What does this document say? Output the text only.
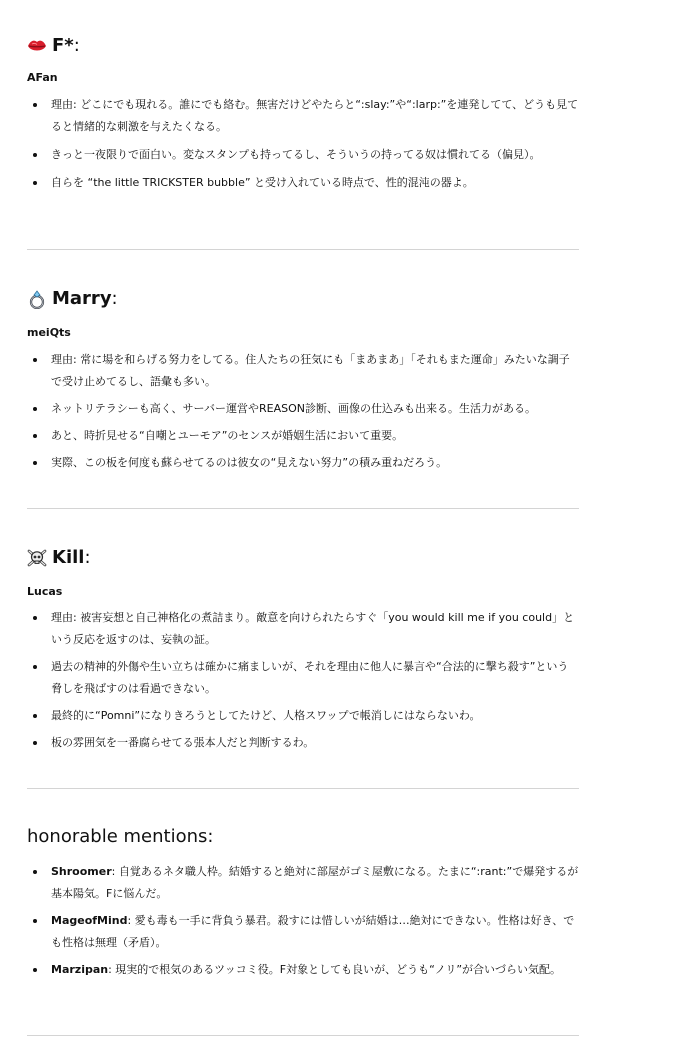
F* :

AFan

理由: どこにでも現れる。誰にでも絡む。無害だけどやたらと“:slay:”や“:larp:”を連発してて、どうも見てると情緒的な刺激を与えたくなる。
きっと一夜限りで面白い。変なスタンプも持ってるし、そういうの持ってる奴は慣れてる（偏見）。
自らを “the little TRICKSTER bubble” と受け入れている時点で、性的混沌の器よ。
Marry :

meiQts

理由: 常に場を和らげる努力をしてる。住人たちの狂気にも「まあまあ」「それもまた運命」みたいな調子で受け止めてるし、語彙も多い。
ネットリテラシーも高く、サーバー運営やREASON診断、画像の仕込みも出来る。生活力がある。
あと、時折見せる“自嘲とユーモア”のセンスが婚姻生活において重要。
実際、この板を何度も蘇らせてるのは彼女の“見えない努力”の積み重ねだろう。
Kill :

Lucas

理由: 被害妄想と自己神格化の煮詰まり。敵意を向けられたらすぐ「you would kill me if you could」という反応を返すのは、妄執の証。
過去の精神的外傷や生い立ちは確かに痛ましいが、それを理由に他人に暴言や“合法的に撃ち殺す”という脅しを飛ばすのは看過できない。
最終的に“Pomni”になりきろうとしてたけど、人格スワップで帳消しにはならないわ。
板の雰囲気を一番腐らせてる張本人だと判断するわ。
honorable mentions:
Shroomer: 自覚あるネタ職人枠。結婚すると絶対に部屋がゴミ屋敷になる。たまに“:rant:”で爆発するが基本陽気。Fに悩んだ。
MageofMind: 愛も毒も一手に背負う暴君。殺すには惜しいが結婚は…絶対にできない。性格は好き、でも性格は無理（矛盾）。
Marzipan: 現実的で根気のあるツッコミ役。F対象としても良いが、どうも“ノリ”が合いづらい気配。
